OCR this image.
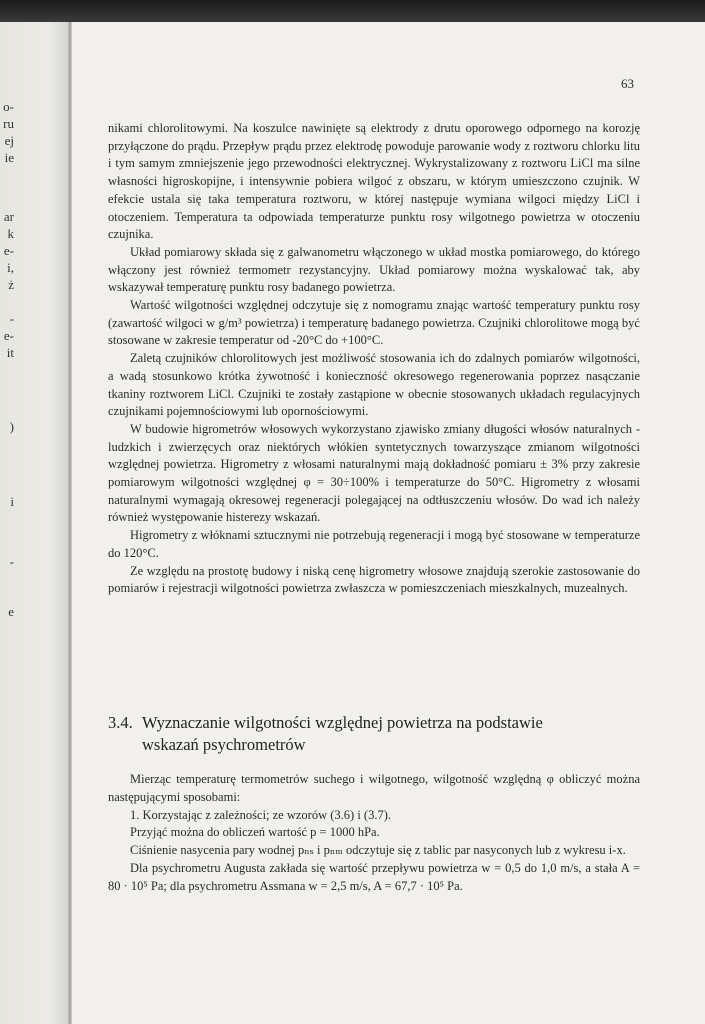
o-
ru
ej
ie
ar
k
e-
i,
ż
-
e-
it
)
i
-
e
63

nikami chlorolitowymi. Na koszulce nawinięte są elektrody z drutu oporowego odpornego na korozję przyłączone do prądu. Przepływ prądu przez elektrodę powoduje parowanie wody z roztworu chlorku litu i tym samym zmniejszenie jego przewodności elektrycznej. Wykrystalizowany z roztworu LiCl ma silne własności higroskopijne, i intensywnie pobiera wilgoć z obszaru, w którym umieszczono czujnik. W efekcie ustala się taka temperatura roztworu, w której następuje wymiana wilgoci między LiCl i otoczeniem. Temperatura ta odpowiada temperaturze punktu rosy wilgotnego powietrza w otoczeniu czujnika.

Układ pomiarowy składa się z galwanometru włączonego w układ mostka pomiarowego, do którego włączony jest również termometr rezystancyjny. Układ pomiarowy można wyskalować tak, aby wskazywał temperaturę punktu rosy badanego powietrza.

Wartość wilgotności względnej odczytuje się z nomogramu znając wartość temperatury punktu rosy (zawartość wilgoci w g/m³ powietrza) i temperaturę badanego powietrza. Czujniki chlorolitowe mogą być stosowane w zakresie temperatur od -20°C do +100°C.

Zaletą czujników chlorolitowych jest możliwość stosowania ich do zdalnych pomiarów wilgotności, a wadą stosunkowo krótka żywotność i konieczność okresowego regenerowania poprzez nasączanie tkaniny roztworem LiCl. Czujniki te zostały zastąpione w obecnie stosowanych układach regulacyjnych czujnikami pojemnościowymi lub opornościowymi.

W budowie higrometrów włosowych wykorzystano zjawisko zmiany długości włosów naturalnych - ludzkich i zwierzęcych oraz niektórych włókien syntetycznych towarzyszące zmianom wilgotności względnej powietrza. Higrometry z włosami naturalnymi mają dokładność pomiaru ± 3% przy zakresie pomiarowym wilgotności względnej φ = 30÷100% i temperaturze do 50°C. Higrometry z włosami naturalnymi wymagają okresowej regeneracji polegającej na odtłuszczeniu włosów. Do wad ich należy również występowanie histerezy wskazań.

Higrometry z włóknami sztucznymi nie potrzebują regeneracji i mogą być stosowane w temperaturze do 120°C.

Ze względu na prostotę budowy i niską cenę higrometry włosowe znajdują szerokie zastosowanie do pomiarów i rejestracji wilgotności powietrza zwłaszcza w pomieszczeniach mieszkalnych, muzealnych.

3.4. Wyznaczanie wilgotności względnej powietrza na podstawie
wskazań psychrometrów

Mierząc temperaturę termometrów suchego i wilgotnego, wilgotność względną φ obliczyć można następującymi sposobami:

1. Korzystając z zależności; ze wzorów (3.6) i (3.7).

Przyjąć można do obliczeń wartość p = 1000 hPa.

Ciśnienie nasycenia pary wodnej pₙₛ i pₙₘ odczytuje się z tablic par nasyconych lub z wykresu i-x.

Dla psychrometru Augusta zakłada się wartość przepływu powietrza w = 0,5 do 1,0 m/s, a stała A = 80 · 10⁵ Pa; dla psychrometru Assmana w = 2,5 m/s, A = 67,7 · 10⁵ Pa.
